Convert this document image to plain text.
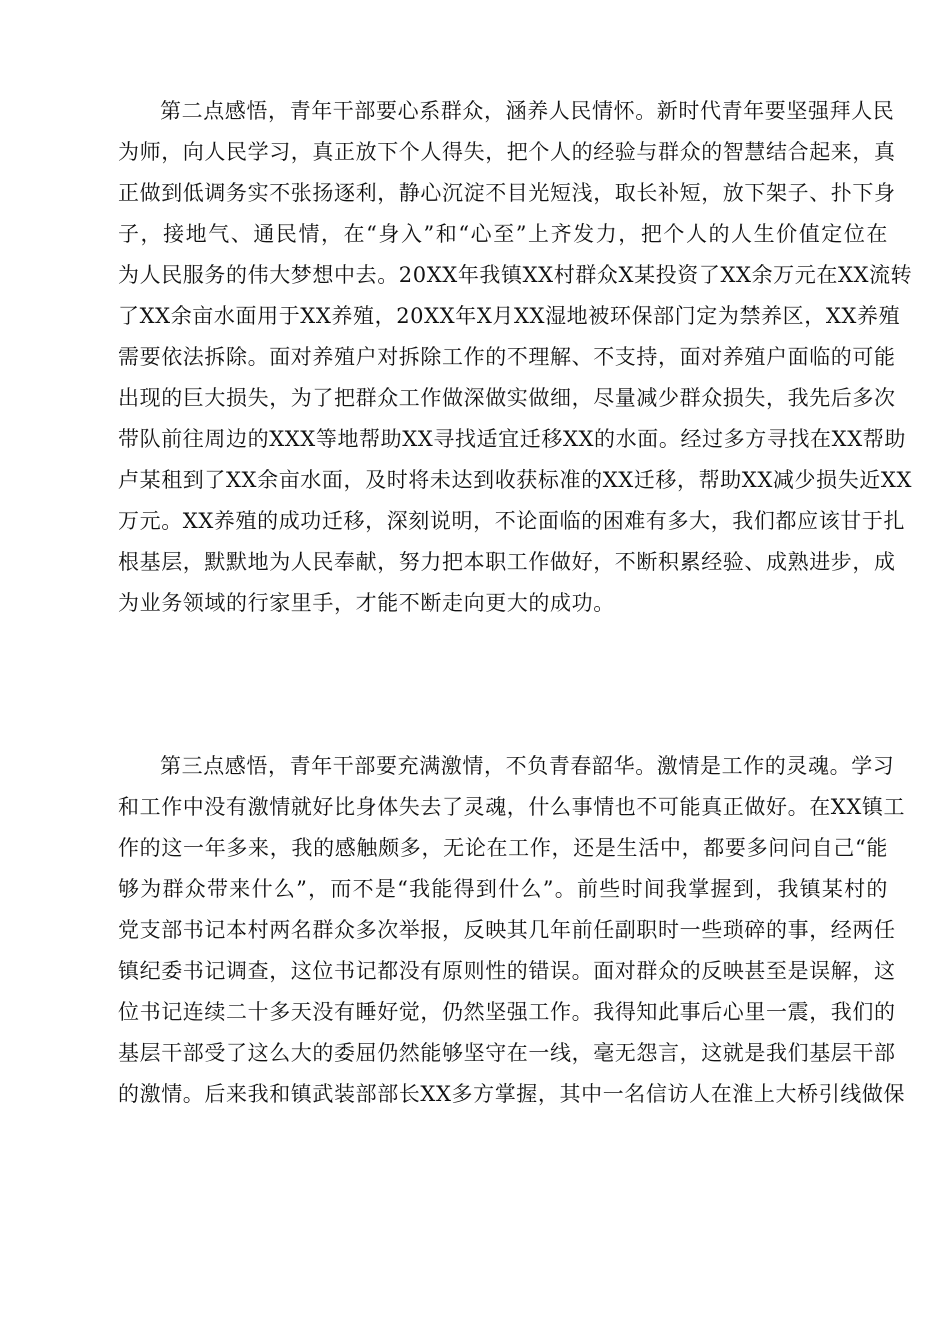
第二点感悟，青年干部要心系群众，涵养人民情怀。新时代青年要坚强拜人民
为师，向人民学习，真正放下个人得失，把个人的经验与群众的智慧结合起来，真
正做到低调务实不张扬逐利，静心沉淀不目光短浅，取长补短，放下架子、扑下身
子，接地气、通民情，在“身入”和“心至”上齐发力，把个人的人生价值定位在
为人民服务的伟大梦想中去。20XX年我镇XX村群众X某投资了XX余万元在XX流转
了XX余亩水面用于XX养殖，20XX年X月XX湿地被环保部门定为禁养区，XX养殖
需要依法拆除。面对养殖户对拆除工作的不理解、不支持，面对养殖户面临的可能
出现的巨大损失，为了把群众工作做深做实做细，尽量减少群众损失，我先后多次
带队前往周边的XXX等地帮助XX寻找适宜迁移XX的水面。经过多方寻找在XX帮助
卢某租到了XX余亩水面，及时将未达到收获标准的XX迁移，帮助XX减少损失近XX
万元。XX养殖的成功迁移，深刻说明，不论面临的困难有多大，我们都应该甘于扎
根基层，默默地为人民奉献，努力把本职工作做好，不断积累经验、成熟进步，成
为业务领域的行家里手，才能不断走向更大的成功。
第三点感悟，青年干部要充满激情，不负青春韶华。激情是工作的灵魂。学习
和工作中没有激情就好比身体失去了灵魂，什么事情也不可能真正做好。在XX镇工
作的这一年多来，我的感触颇多，无论在工作，还是生活中，都要多问问自己“能
够为群众带来什么”，而不是“我能得到什么”。前些时间我掌握到，我镇某村的
党支部书记本村两名群众多次举报，反映其几年前任副职时一些琐碎的事，经两任
镇纪委书记调查，这位书记都没有原则性的错误。面对群众的反映甚至是误解，这
位书记连续二十多天没有睡好觉，仍然坚强工作。我得知此事后心里一震，我们的
基层干部受了这么大的委屈仍然能够坚守在一线，毫无怨言，这就是我们基层干部
的激情。后来我和镇武装部部长XX多方掌握，其中一名信访人在淮上大桥引线做保
